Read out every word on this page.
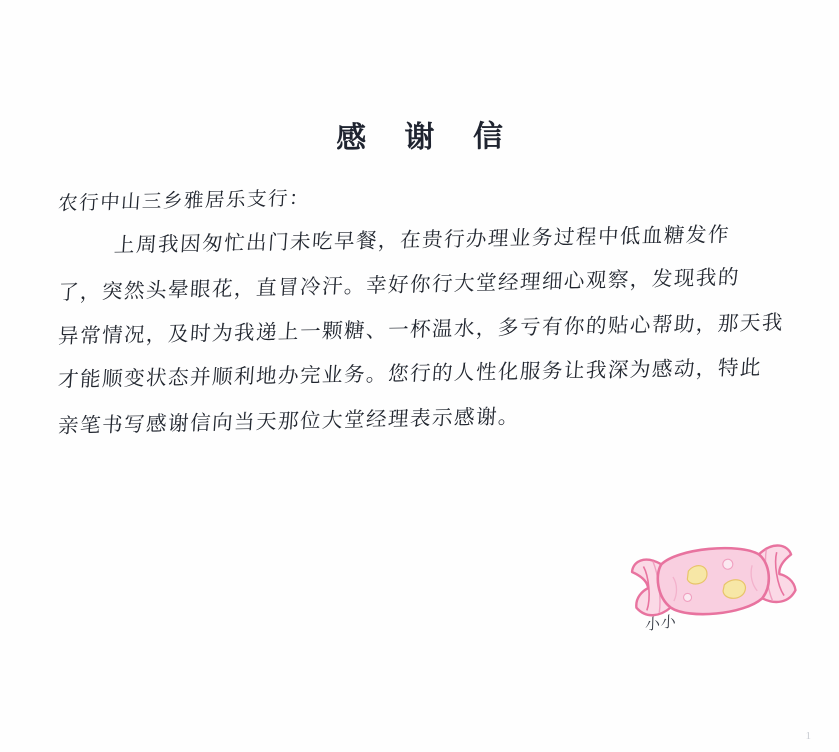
感 谢 信
农行中山三乡雅居乐支行：
上周我因匆忙出门未吃早餐，在贵行办理业务过程中低血糖发作
了，突然头晕眼花，直冒冷汗。幸好你行大堂经理细心观察，发现我的
异常情况，及时为我递上一颗糖、一杯温水，多亏有你的贴心帮助，那天我
才能顺变状态并顺利地办完业务。您行的人性化服务让我深为感动，特此
亲笔书写感谢信向当天那位大堂经理表示感谢。
小小
1
